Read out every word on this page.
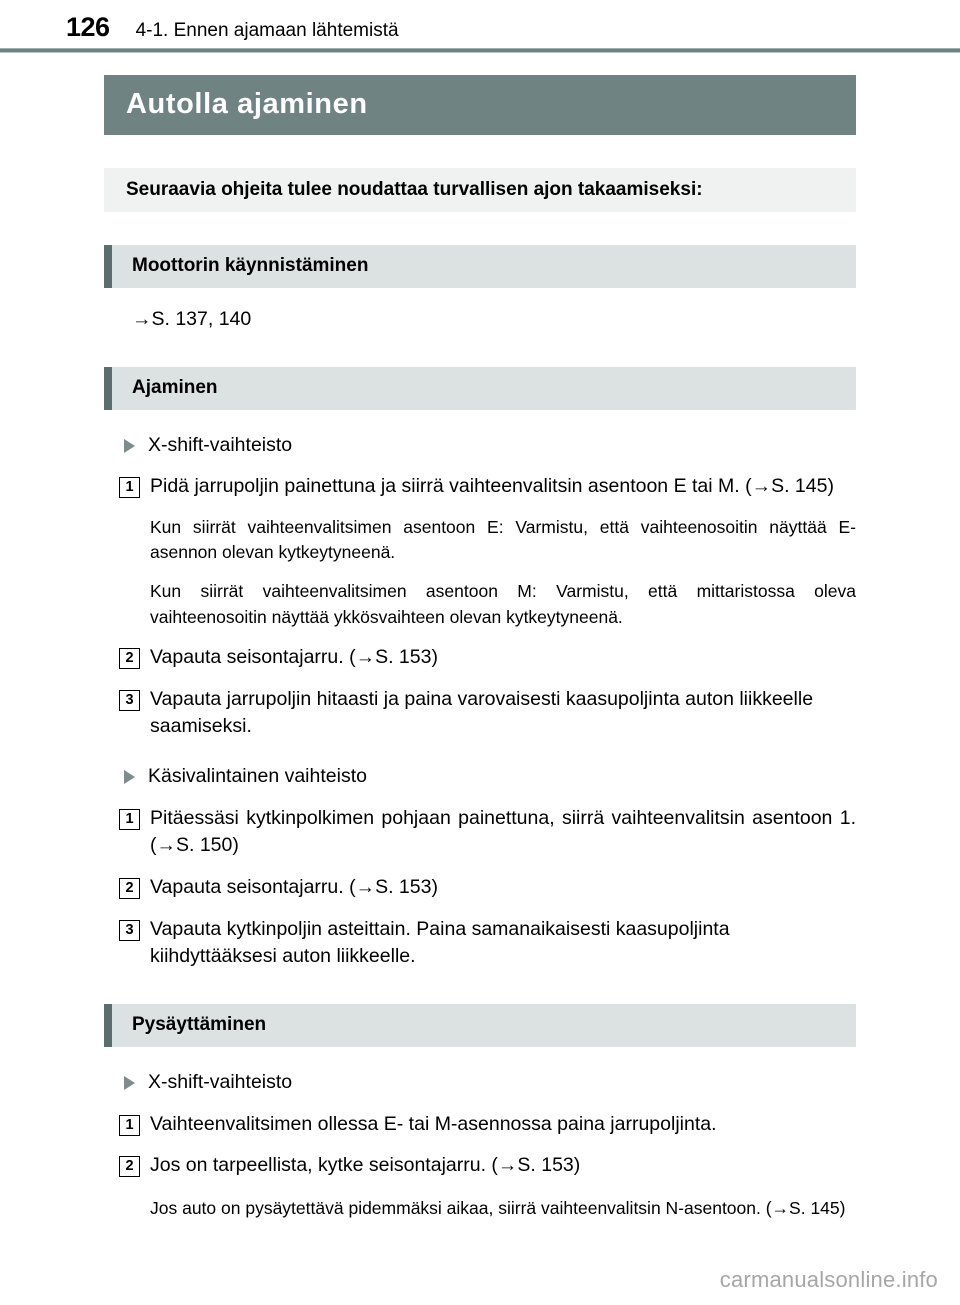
126 4-1. Ennen ajamaan lähtemistä
Autolla ajaminen
Seuraavia ohjeita tulee noudattaa turvallisen ajon takaamiseksi:
Moottorin käynnistäminen
→S. 137, 140
Ajaminen
X-shift-vaihteisto
1 Pidä jarrupoljin painettuna ja siirrä vaihteenvalitsin asentoon E tai M. (→S. 145)
Kun siirrät vaihteenvalitsimen asentoon E: Varmistu, että vaihteenosoitin näyttää E-asennon olevan kytkeytyneenä.
Kun siirrät vaihteenvalitsimen asentoon M: Varmistu, että mittaristossa oleva vaihteenosoitin näyttää ykkösvaihteen olevan kytkeytyneenä.
2 Vapauta seisontajarru. (→S. 153)
3 Vapauta jarrupoljin hitaasti ja paina varovaisesti kaasupoljinta auton liikkeelle saamiseksi.
Käsivalintainen vaihteisto
1 Pitäessäsi kytkinpolkimen pohjaan painettuna, siirrä vaihteenvalitsin asentoon 1. (→S. 150)
2 Vapauta seisontajarru. (→S. 153)
3 Vapauta kytkinpoljin asteittain. Paina samanaikaisesti kaasupoljinta kiihdyttääksesi auton liikkeelle.
Pysäyttäminen
X-shift-vaihteisto
1 Vaihteenvalitsimen ollessa E- tai M-asennossa paina jarrupoljinta.
2 Jos on tarpeellista, kytke seisontajarru. (→S. 153)
Jos auto on pysäytettävä pidemmäksi aikaa, siirrä vaihteenvalitsin N-asentoon. (→S. 145)
carmanualsonline.info
